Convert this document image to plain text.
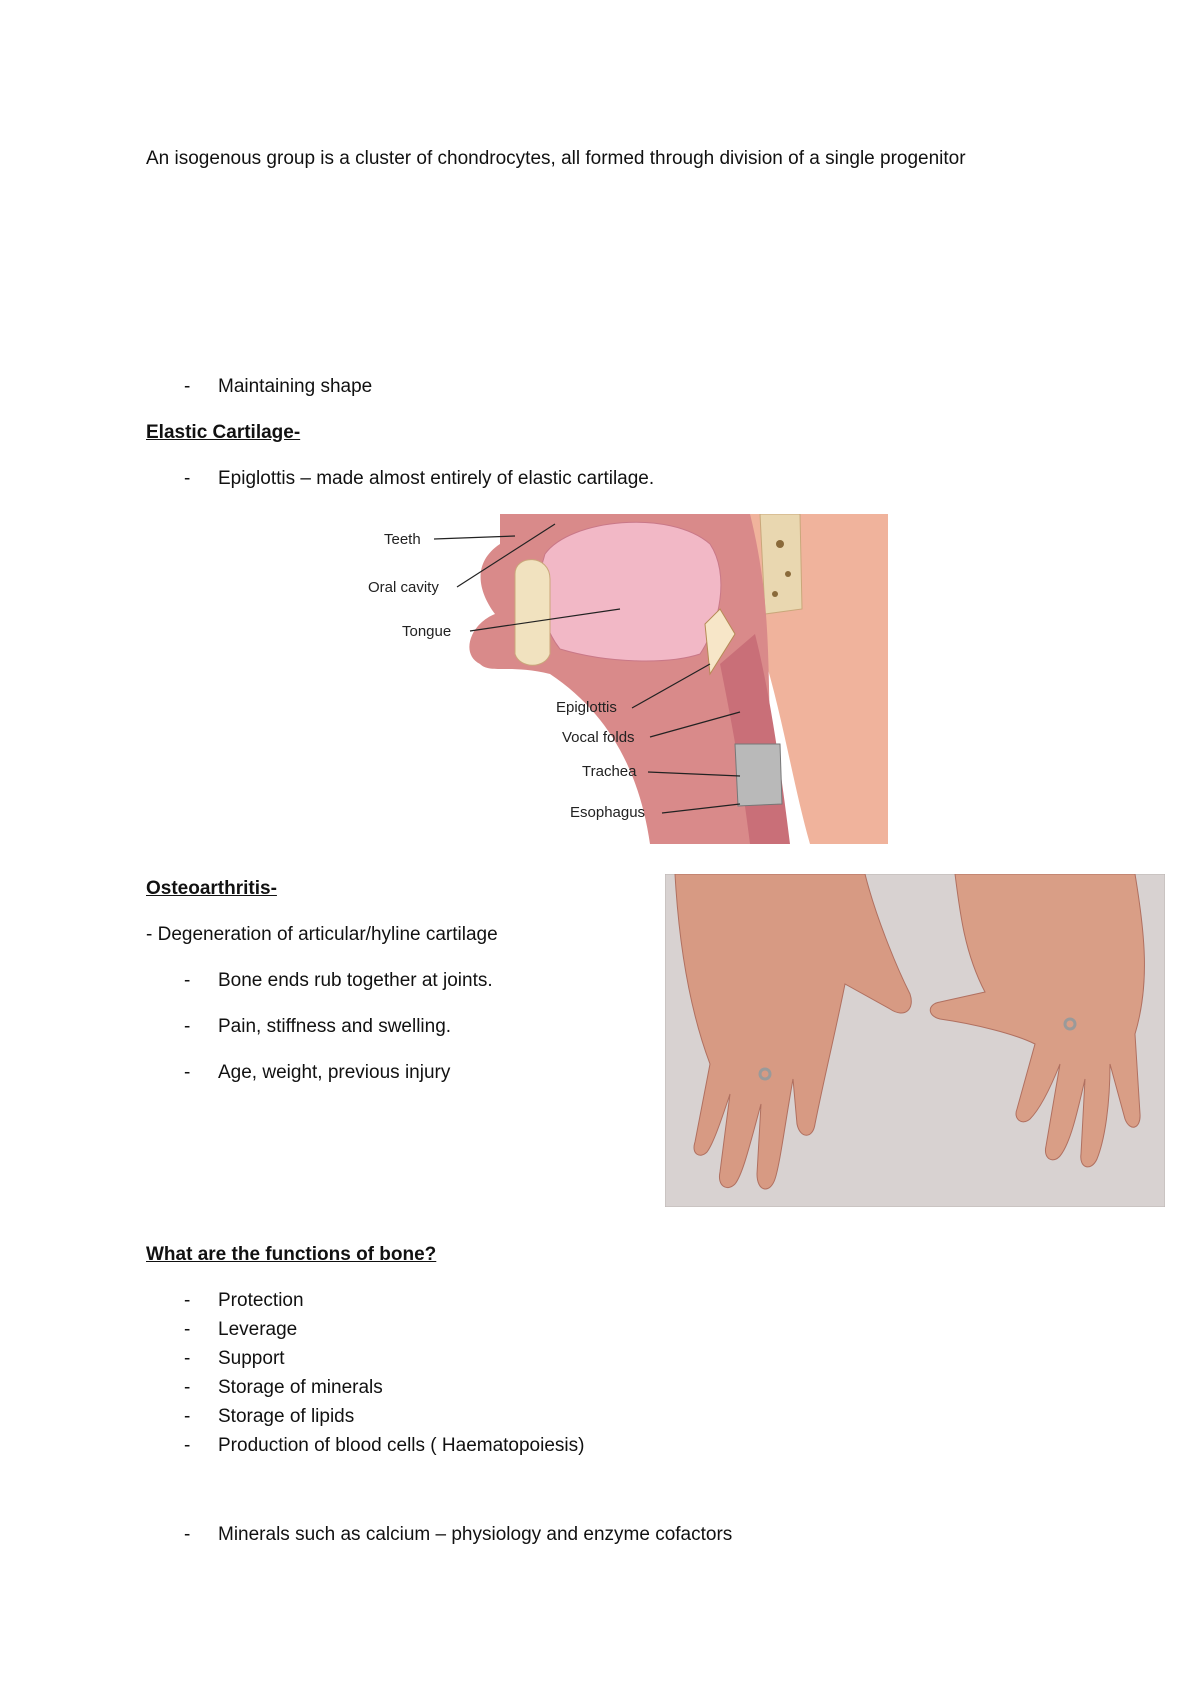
An isogenous group is a cluster of chondrocytes, all formed through division of a single progenitor
- Maintaining shape
Elastic Cartilage-
- Epiglottis – made almost entirely of elastic cartilage.
Teeth
Oral cavity
Tongue
Epiglottis
Vocal folds
Trachea
Esophagus
Osteoarthritis-
- Degeneration of articular/hyline cartilage
- Bone ends rub together at joints.
- Pain, stiffness and swelling.
- Age, weight, previous injury
What are the functions of bone?
- Protection
- Leverage
- Support
- Storage of minerals
- Storage of lipids
- Production of blood cells ( Haematopoiesis)
- Minerals such as calcium – physiology and enzyme cofactors
